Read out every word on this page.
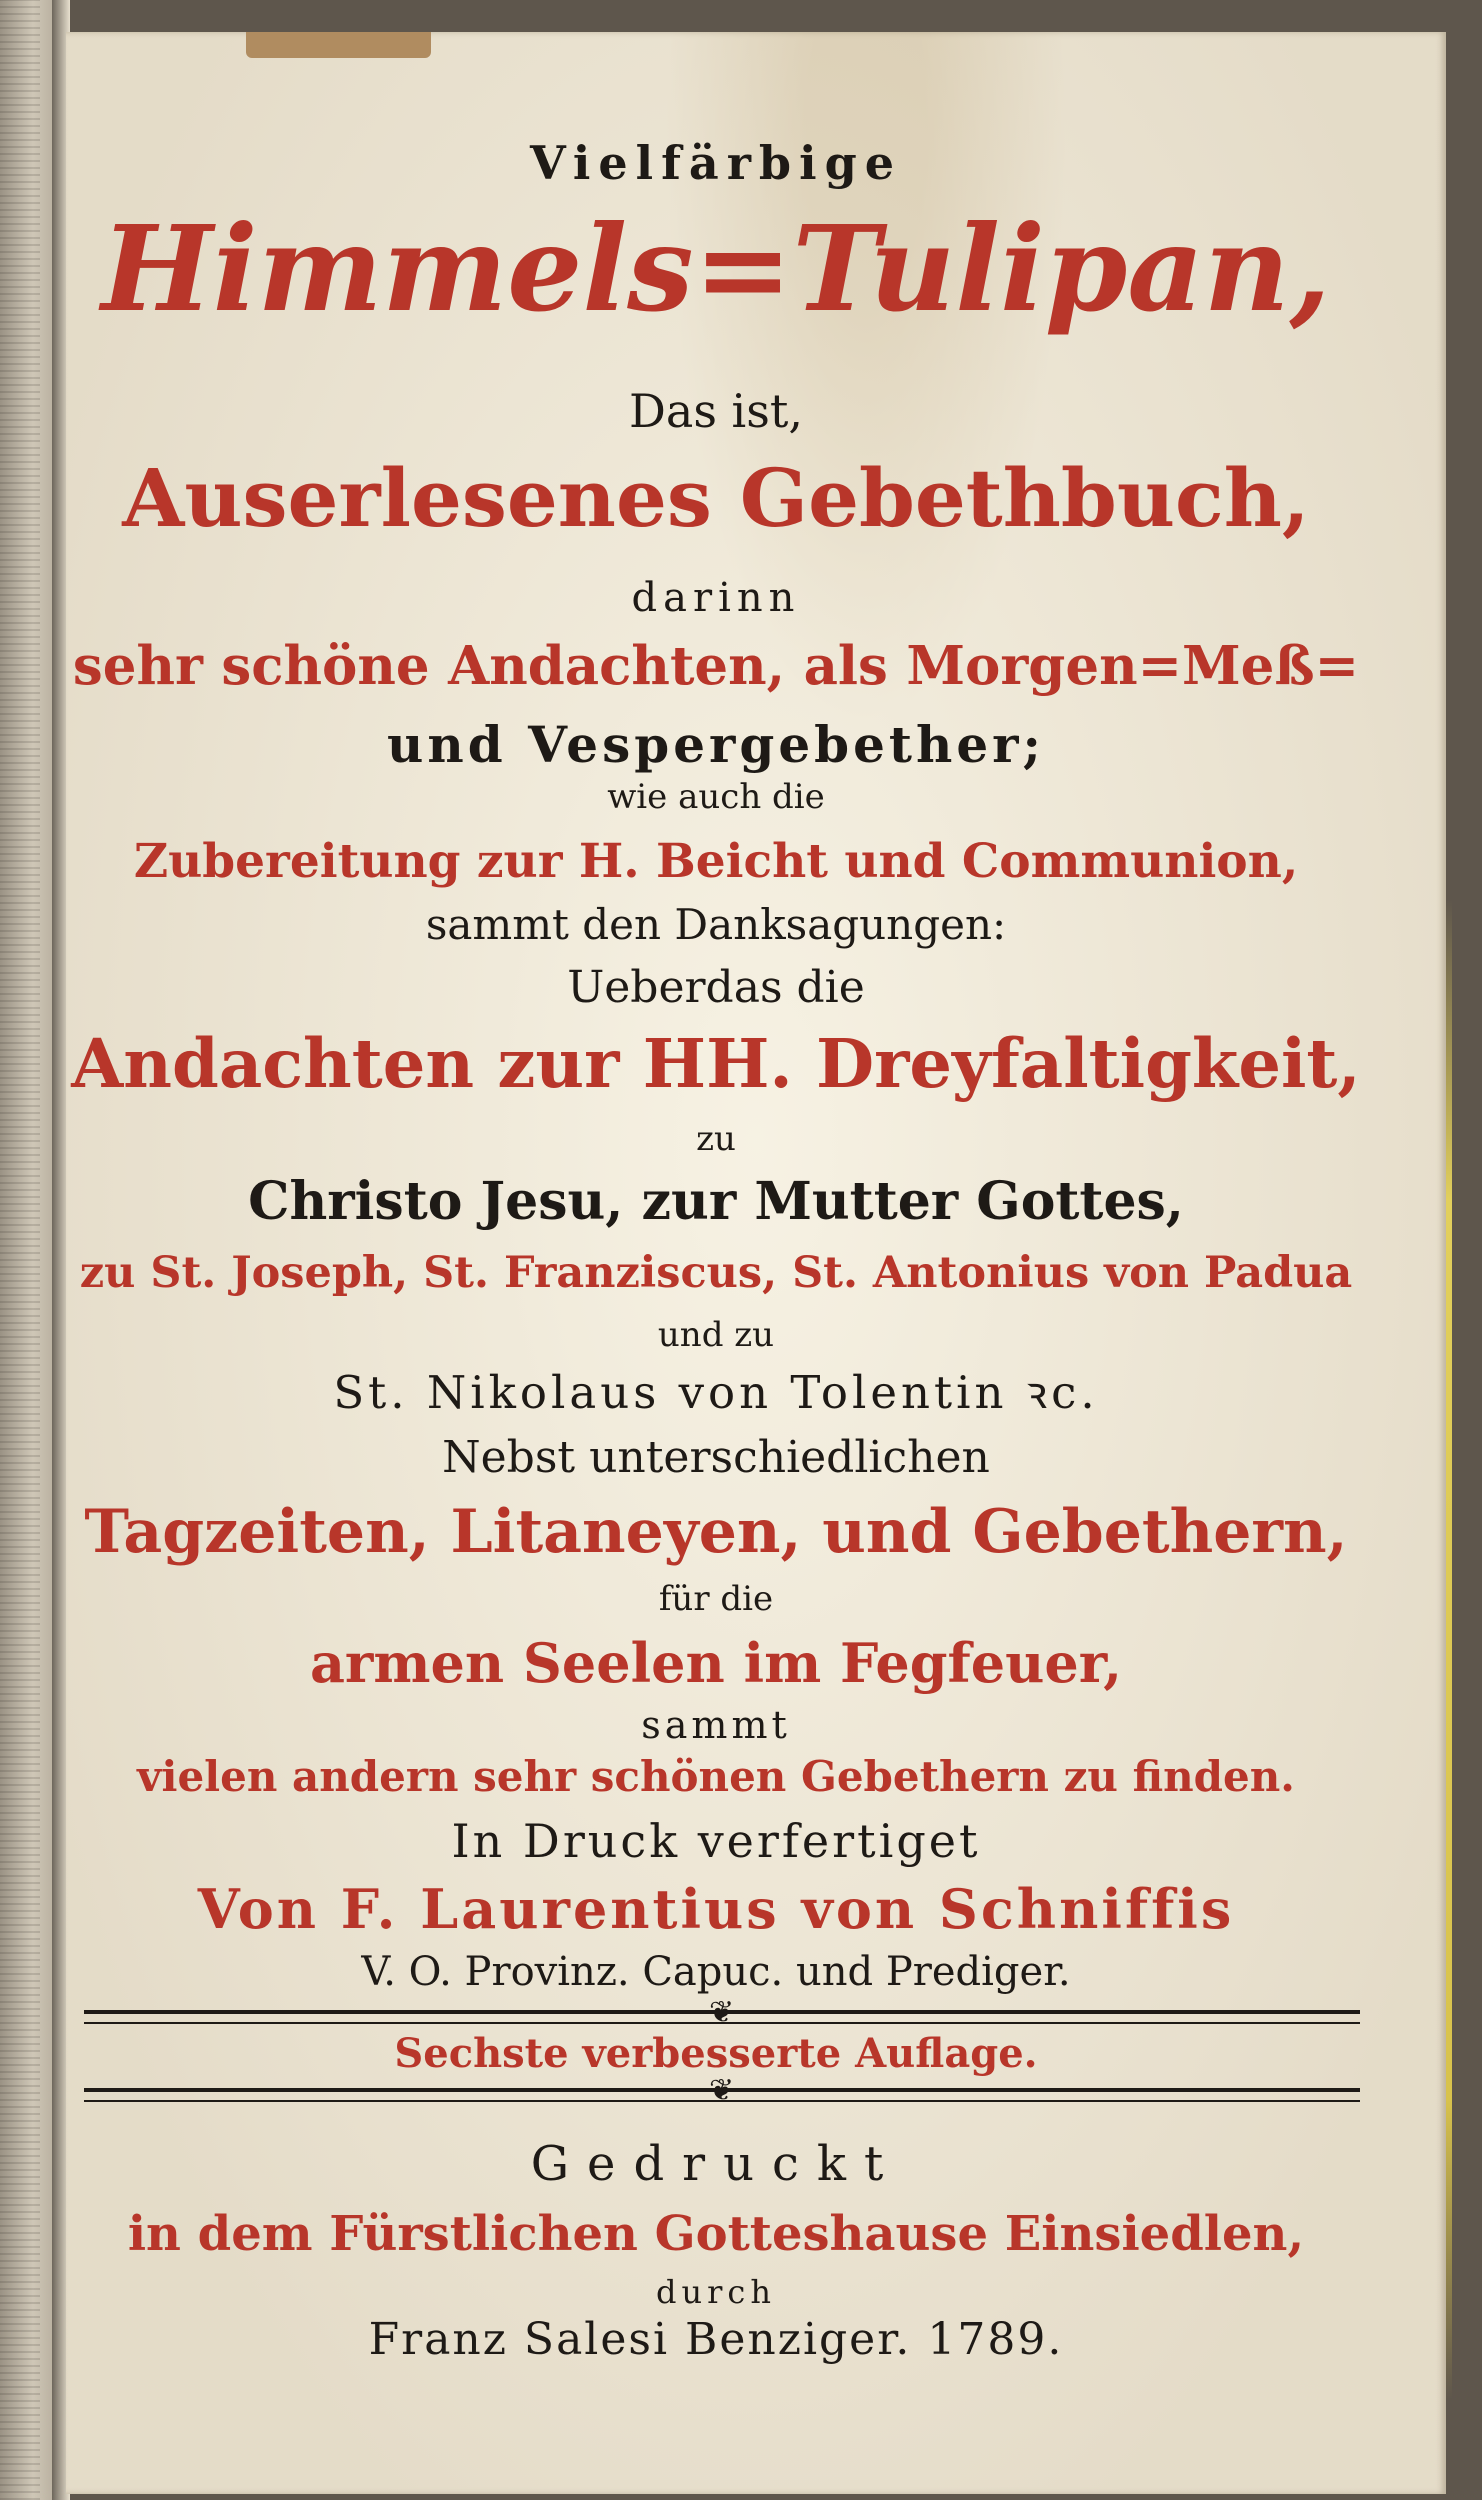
Vielfärbige
Himmels=Tulipan,
Das ist,
Auserlesenes Gebethbuch,
darinn
sehr schöne Andachten, als Morgen=Meß=
und Vespergebether;
wie auch die
Zubereitung zur H. Beicht und Communion,
sammt den Danksagungen:
Ueberdas die
Andachten zur HH. Dreyfaltigkeit,
zu
Christo Jesu, zur Mutter Gottes,
zu St. Joseph, St. Franziscus, St. Antonius von Padua
und zu
St. Nikolaus von Tolentin ꝛc.
Nebst unterschiedlichen
Tagzeiten, Litaneyen, und Gebethern,
für die
armen Seelen im Fegfeuer,
sammt
vielen andern sehr schönen Gebethern zu finden.
In Druck verfertiget
Von F. Laurentius von Schniffis
V. O. Provinz. Capuc. und Prediger.
❦
Sechste verbesserte Auflage.
❦
Gedruckt
in dem Fürstlichen Gotteshause Einsiedlen,
durch
Franz Salesi Benziger. 1789.
